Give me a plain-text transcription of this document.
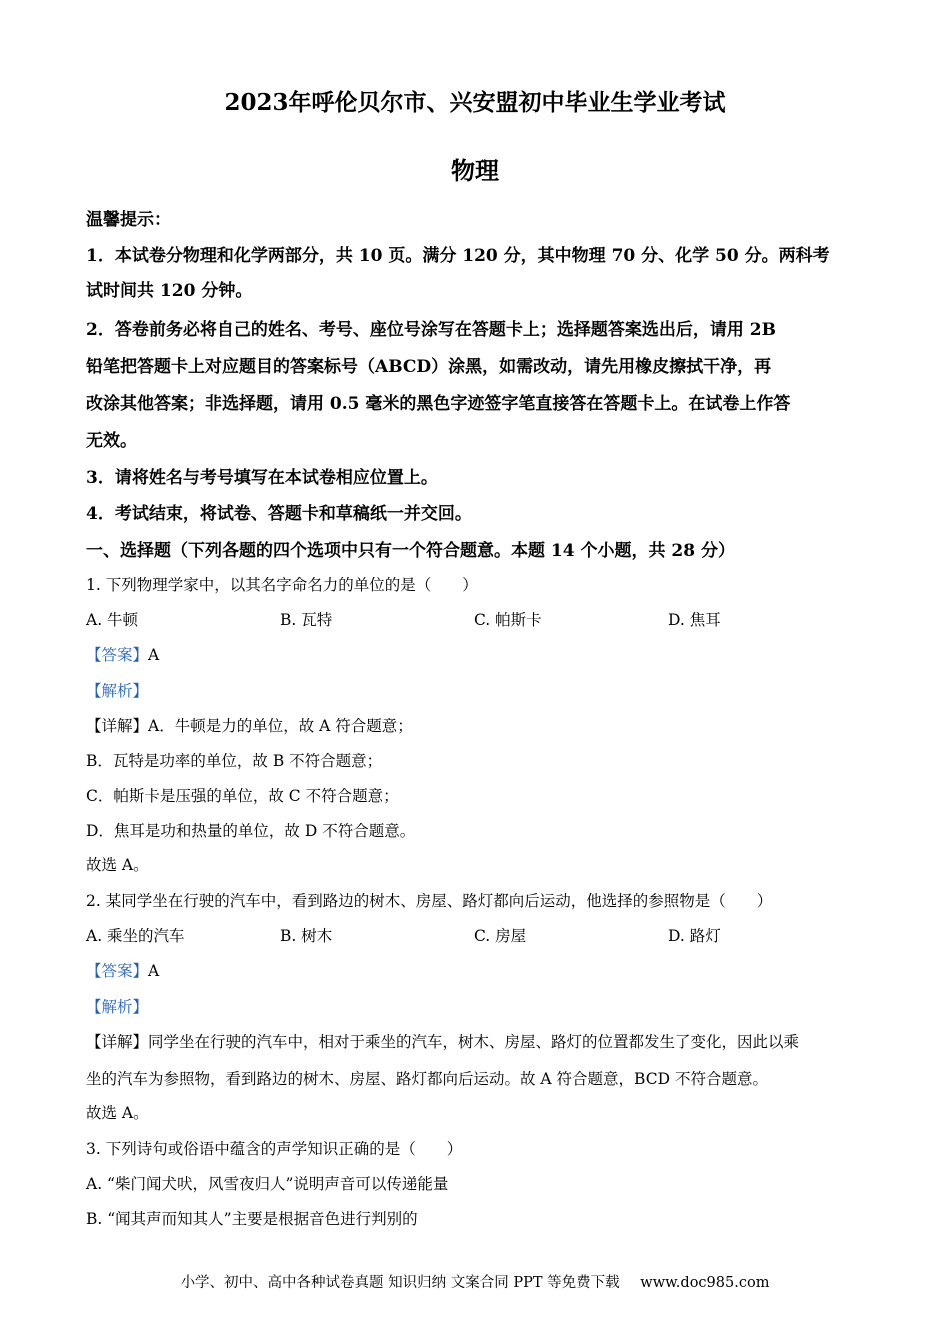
2023年呼伦贝尔市、兴安盟初中毕业生学业考试
物理
温馨提示：
1．本试卷分物理和化学两部分，共 10 页。满分 120 分，其中物理 70 分、化学 50 分。两科考
试时间共 120 分钟。
2．答卷前务必将自己的姓名、考号、座位号涂写在答题卡上；选择题答案选出后，请用 2B
铅笔把答题卡上对应题目的答案标号（ABCD）涂黑，如需改动，请先用橡皮擦拭干净，再
改涂其他答案；非选择题，请用 0.5 毫米的黑色字迹签字笔直接答在答题卡上。在试卷上作答
无效。
3．请将姓名与考号填写在本试卷相应位置上。
4．考试结束，将试卷、答题卡和草稿纸一并交回。
一、选择题（下列各题的四个选项中只有一个符合题意。本题 14 个小题，共 28 分）
1. 下列物理学家中，以其名字命名力的单位的是（　　）
A. 牛顿	B. 瓦特	C. 帕斯卡	D. 焦耳
【答案】A
【解析】
【详解】A．牛顿是力的单位，故 A 符合题意；
B．瓦特是功率的单位，故 B 不符合题意；
C．帕斯卡是压强的单位，故 C 不符合题意；
D．焦耳是功和热量的单位，故 D 不符合题意。
故选 A。
2. 某同学坐在行驶的汽车中，看到路边的树木、房屋、路灯都向后运动，他选择的参照物是（　　）
A. 乘坐的汽车	B. 树木	C. 房屋	D. 路灯
【答案】A
【解析】
【详解】同学坐在行驶的汽车中，相对于乘坐的汽车，树木、房屋、路灯的位置都发生了变化，因此以乘
坐的汽车为参照物，看到路边的树木、房屋、路灯都向后运动。故 A 符合题意，BCD 不符合题意。
故选 A。
3. 下列诗句或俗语中蕴含的声学知识正确的是（　　）
A. “柴门闻犬吠，风雪夜归人”说明声音可以传递能量
B. “闻其声而知其人”主要是根据音色进行判别的
小学、初中、高中各种试卷真题 知识归纳 文案合同 PPT 等免费下载 www.doc985.com
